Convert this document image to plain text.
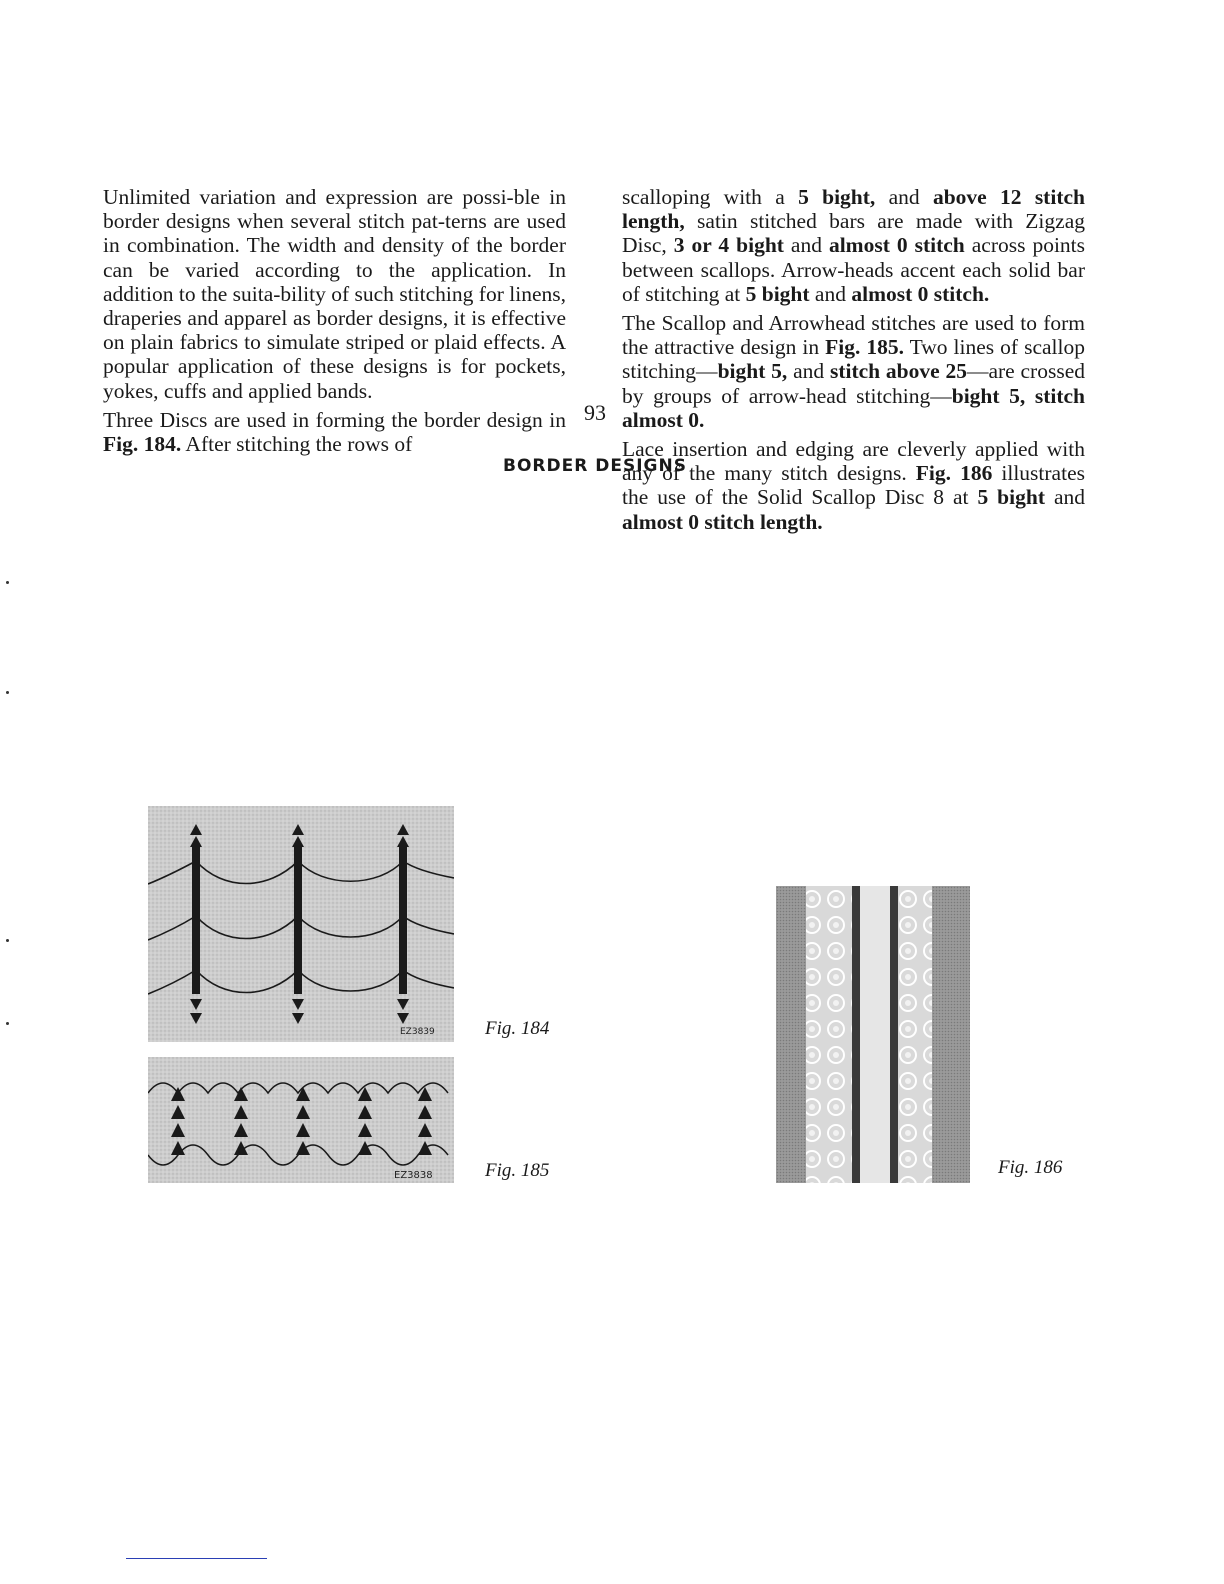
93
BORDER DESIGNS

Unlimited variation and expression are possi-ble in border designs when several stitch pat-terns are used in combination. The width and density of the border can be varied according to the application. In addition to the suita-bility of such stitching for linens, draperies and apparel as border designs, it is effective on plain fabrics to simulate striped or plaid effects. A popular application of these designs is for pockets, yokes, cuffs and applied bands.

Three Discs are used in forming the border design in Fig. 184. After stitching the rows of

scalloping with a 5 bight, and above 12 stitch length, satin stitched bars are made with Zigzag Disc, 3 or 4 bight and almost 0 stitch across points between scallops. Arrow-heads accent each solid bar of stitching at 5 bight and almost 0 stitch.

The Scallop and Arrowhead stitches are used to form the attractive design in Fig. 185. Two lines of scallop stitching—bight 5, and stitch above 25—are crossed by groups of arrow-head stitching—bight 5, stitch almost 0.

Lace insertion and edging are cleverly applied with any of the many stitch designs. Fig. 186 illustrates the use of the Solid Scallop Disc 8 at 5 bight and almost 0 stitch length.

EZ3839	Fig. 184
EZ3838	Fig. 185	Fig. 186
